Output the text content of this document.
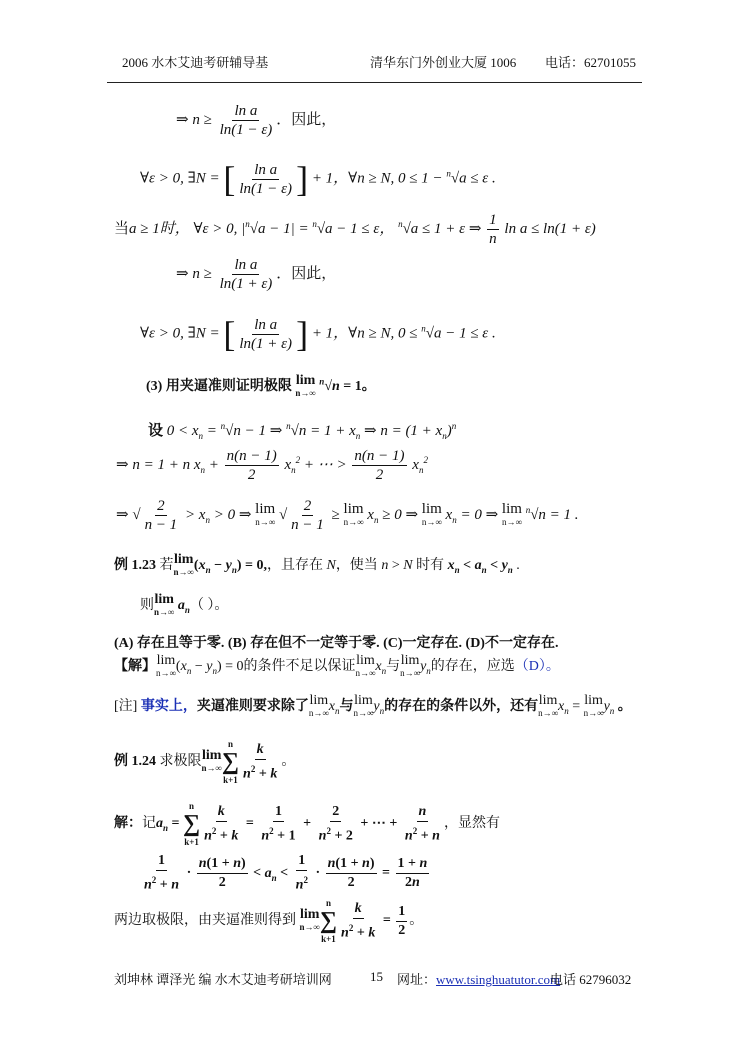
2006 水木艾迪考研辅导基	清华东门外创业大厦 1006 电话：62701055
⇒ $n \ge \frac{\text{ln a}}{\ln(1 - \varepsilon)}$ ．因此，
∀ε > 0, ∃N = [ $\frac{\text{ln a}}{\ln(1 - \varepsilon)}$ ] + 1，∀n ≥ N, 0 ≤ 1 − $^n$√a ≤ ε .
当a ≥ 1时， ∀ε > 0, $|^n√a - 1| = ^n√a - 1 \le \varepsilon$， $^n$√a ≤ 1 + ε ⇒ $\frac{1}{n}$ ln a ≤ ln(1 + ε)
⇒ $n \ge \frac{\text{ln a}}{\ln(1 + \varepsilon)}$ ．因此，
∀ε > 0, ∃N = [ $\frac{\text{ln a}}{\ln(1 + \varepsilon)}$ ] + 1，∀n ≥ N, 0 ≤ $^n$√a − 1 ≤ ε .
(3) 用夹逼准则证明极限 lim
n→∞
$^n$√n = 1。
设 $0 < x_n = ^n√n - 1$ ⇒ $^n√n = 1 + x_n$ ⇒ $n = (1 + x_n)^n$
⇒ n = 1 + n $x_n + \frac{n(n - 1)}{2} x_n^2$ + ⋯ > $\frac{n(n - 1)}{2} x_n^2$
⇒ √ $\frac{2}{n - 1} > x_n > 0$ ⇒ lim
n→∞ √ $\frac{2}{n - 1} \ge \lim$
n→∞ $x_n \ge 0$ ⇒ lim
n→∞ $x_n = 0$ ⇒ lim
n→∞
$^n$√n = 1 .
例 1.23 若 lim
n→∞ $(x_n - y_n) = 0$,，且存在 N，使当 n > N 时有 $x_n < a_n < y_n$ .
则 lim
n→∞ $a_n$（ ）。
(A) 存在且等于零. (B) 存在但不一定等于零. (C)一定存在. (D)不一定存在.
【解】 lim
n→∞ $(x_n - y_n) = 0$的条件不足以保证 lim
n→∞ $x_n$与 lim
n→∞ $y_n$的存在，应选（D）。
[注] 事实上，夹逼准则要求除了 lim
n→∞ $x_n$与 lim
n→∞ $y_n$的存在的条件以外，还有 lim
n→∞ $x_n = \lim$
n→∞ $y_n$ 。
例 1.24 求极限 lim
n→∞
n
∑
$k+1 \frac{k}{n^2 + k}$ 。
解：记$a_n$ =
n
∑
$k+1 \frac{k}{n^2 + k} = \frac{1}{n^2 + 1} + \frac{2}{n^2 + 2}$ + ⋯ + $\frac{n}{n^2 + n}$ ，显然有
$\frac{1}{n^2 + n} \cdot \frac{n(1 + n)}{2} < a_n < \frac{1}{n^2} \cdot \frac{n(1 + n)}{2} = \frac{1 + n}{2n}$
两边取极限，由夹逼准则得到 lim
n→∞
n
∑
$k+1 \frac{k}{n^2 + k} = \frac{1}{2}$ 。
刘坤林 谭泽光 编 水木艾迪考研培训网	15 网址：www.tsinghuatutor.com
电话 62796032
